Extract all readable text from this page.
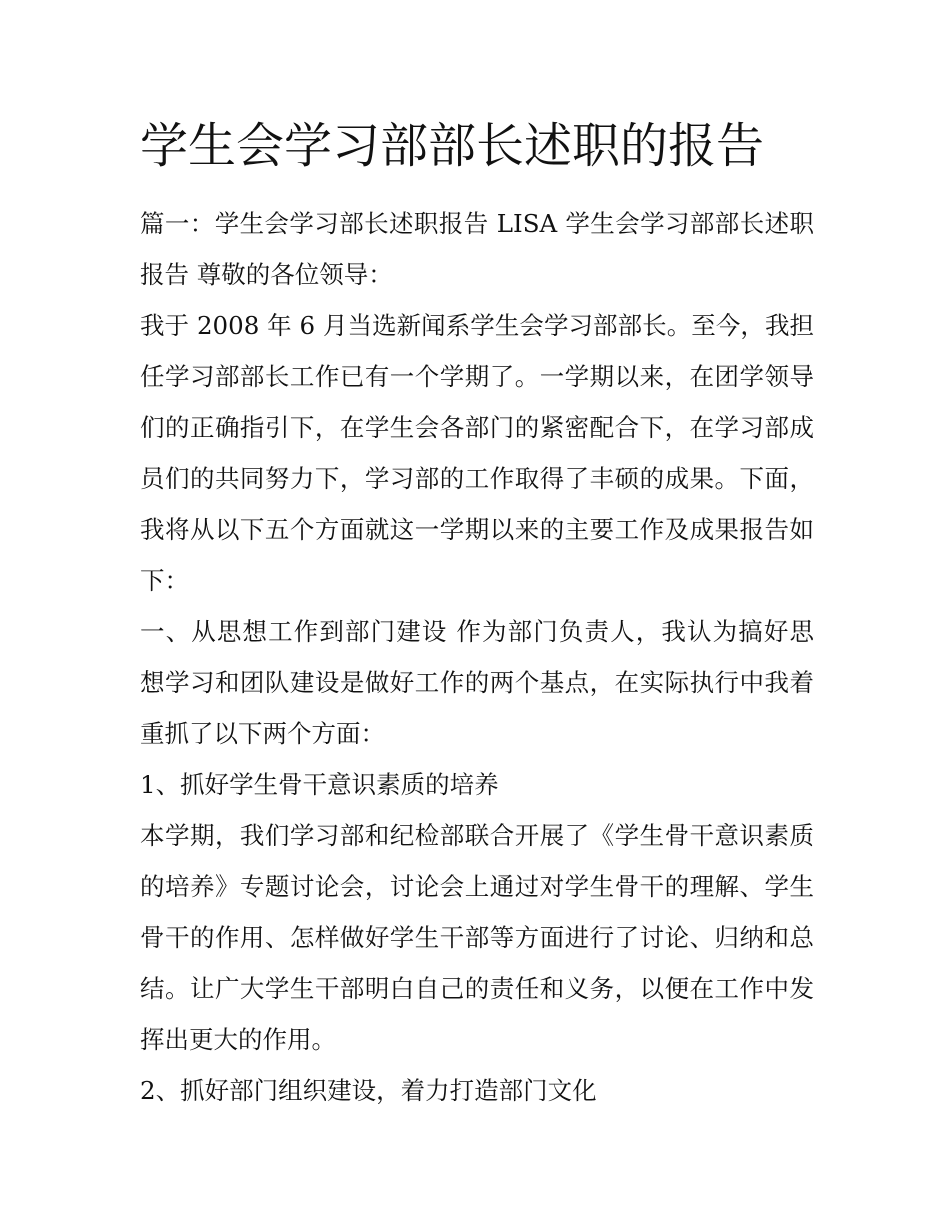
学生会学习部部长述职的报告
篇一：学生会学习部长述职报告 LISA 学生会学习部部长述职
报告 尊敬的各位领导：
我于 2008 年 6 月当选新闻系学生会学习部部长。至今，我担
任学习部部长工作已有一个学期了。一学期以来，在团学领导
们的正确指引下，在学生会各部门的紧密配合下，在学习部成
员们的共同努力下，学习部的工作取得了丰硕的成果。下面，
我将从以下五个方面就这一学期以来的主要工作及成果报告如
下：
一、从思想工作到部门建设 作为部门负责人，我认为搞好思
想学习和团队建设是做好工作的两个基点，在实际执行中我着
重抓了以下两个方面：
1、抓好学生骨干意识素质的培养
本学期，我们学习部和纪检部联合开展了《学生骨干意识素质
的培养》专题讨论会，讨论会上通过对学生骨干的理解、学生
骨干的作用、怎样做好学生干部等方面进行了讨论、归纳和总
结。让广大学生干部明白自己的责任和义务，以便在工作中发
挥出更大的作用。
2、抓好部门组织建设，着力打造部门文化
